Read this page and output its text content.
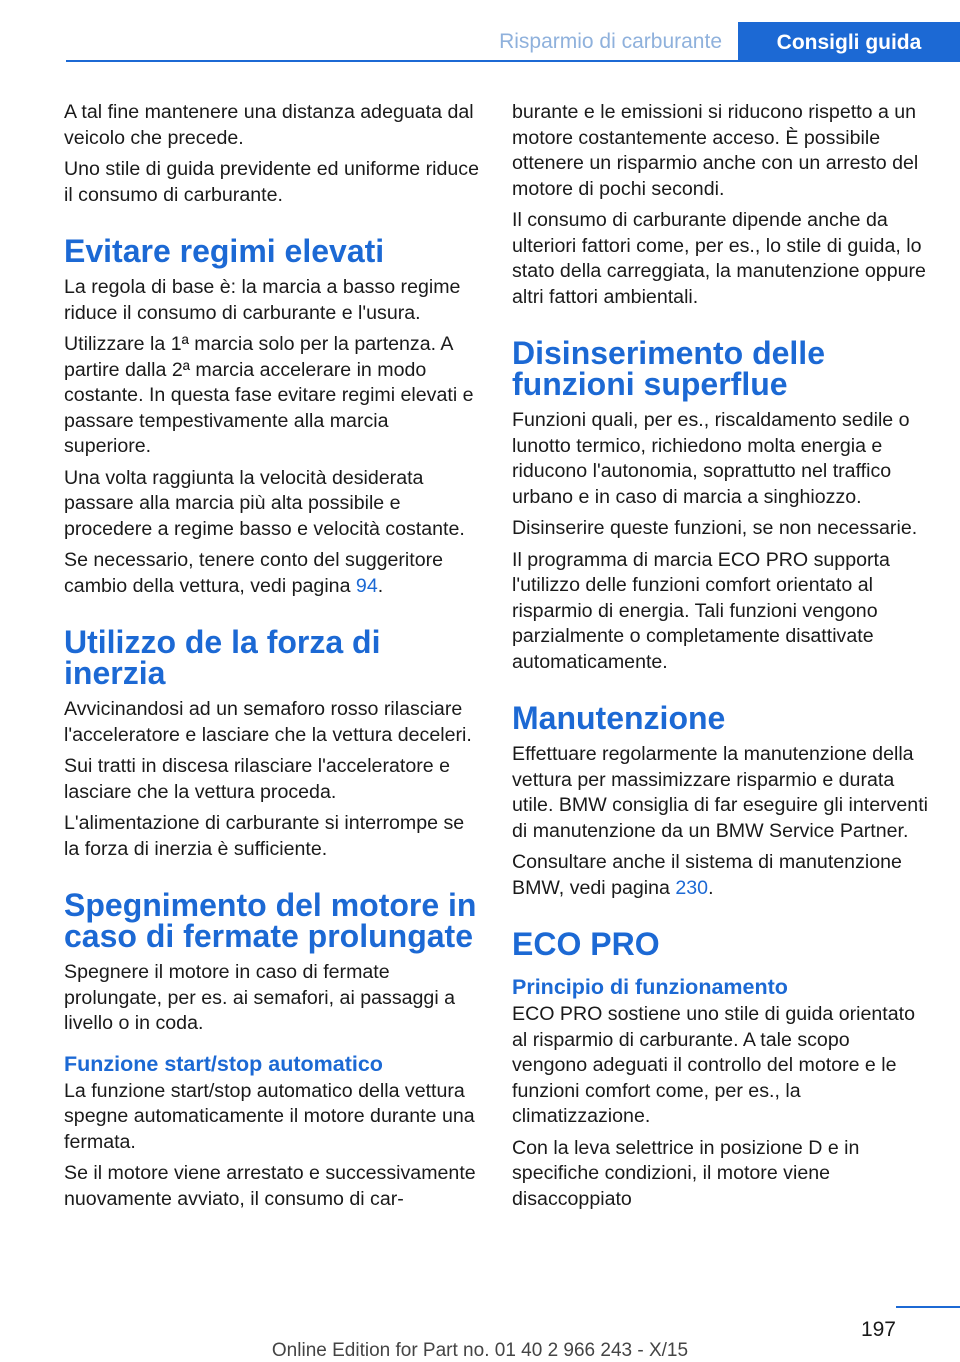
Risparmio di carburante	Consigli guida

A tal fine mantenere una distanza adeguata dal veicolo che precede.

Uno stile di guida previdente ed uniforme riduce il consumo di carburante.

Evitare regimi elevati

La regola di base è: la marcia a basso regime riduce il consumo di carburante e l'usura.

Utilizzare la 1ª marcia solo per la partenza. A partire dalla 2ª marcia accelerare in modo costante. In questa fase evitare regimi elevati e passare tempestivamente alla marcia superiore.

Una volta raggiunta la velocità desiderata passare alla marcia più alta possibile e procedere a regime basso e velocità costante.

Se necessario, tenere conto del suggeritore cambio della vettura, vedi pagina 94.

Utilizzo de la forza di inerzia

Avvicinandosi ad un semaforo rosso rilasciare l'acceleratore e lasciare che la vettura deceleri.

Sui tratti in discesa rilasciare l'acceleratore e lasciare che la vettura proceda.

L'alimentazione di carburante si interrompe se la forza di inerzia è sufficiente.

Spegnimento del motore in caso di fermate prolungate

Spegnere il motore in caso di fermate prolungate, per es. ai semafori, ai passaggi a livello o in coda.

Funzione start/stop automatico

La funzione start/stop automatico della vettura spegne automaticamente il motore durante una fermata.

Se il motore viene arrestato e successivamente nuovamente avviato, il consumo di car-

burante e le emissioni si riducono rispetto a un motore costantemente acceso. È possibile ottenere un risparmio anche con un arresto del motore di pochi secondi.

Il consumo di carburante dipende anche da ulteriori fattori come, per es., lo stile di guida, lo stato della carreggiata, la manutenzione oppure altri fattori ambientali.

Disinserimento delle funzioni superflue

Funzioni quali, per es., riscaldamento sedile o lunotto termico, richiedono molta energia e riducono l'autonomia, soprattutto nel traffico urbano e in caso di marcia a singhiozzo.

Disinserire queste funzioni, se non necessarie.

Il programma di marcia ECO PRO supporta l'utilizzo delle funzioni comfort orientato al risparmio di energia. Tali funzioni vengono parzialmente o completamente disattivate automaticamente.

Manutenzione

Effettuare regolarmente la manutenzione della vettura per massimizzare risparmio e durata utile. BMW consiglia di far eseguire gli interventi di manutenzione da un BMW Service Partner.

Consultare anche il sistema di manutenzione BMW, vedi pagina 230.

ECO PRO
Principio di funzionamento

ECO PRO sostiene uno stile di guida orientato al risparmio di carburante. A tale scopo vengono adeguati il controllo del motore e le funzioni comfort come, per es., la climatizzazione.

Con la leva selettrice in posizione D e in specifiche condizioni, il motore viene disaccoppiato

197
Online Edition for Part no. 01 40 2 966 243 - X/15
